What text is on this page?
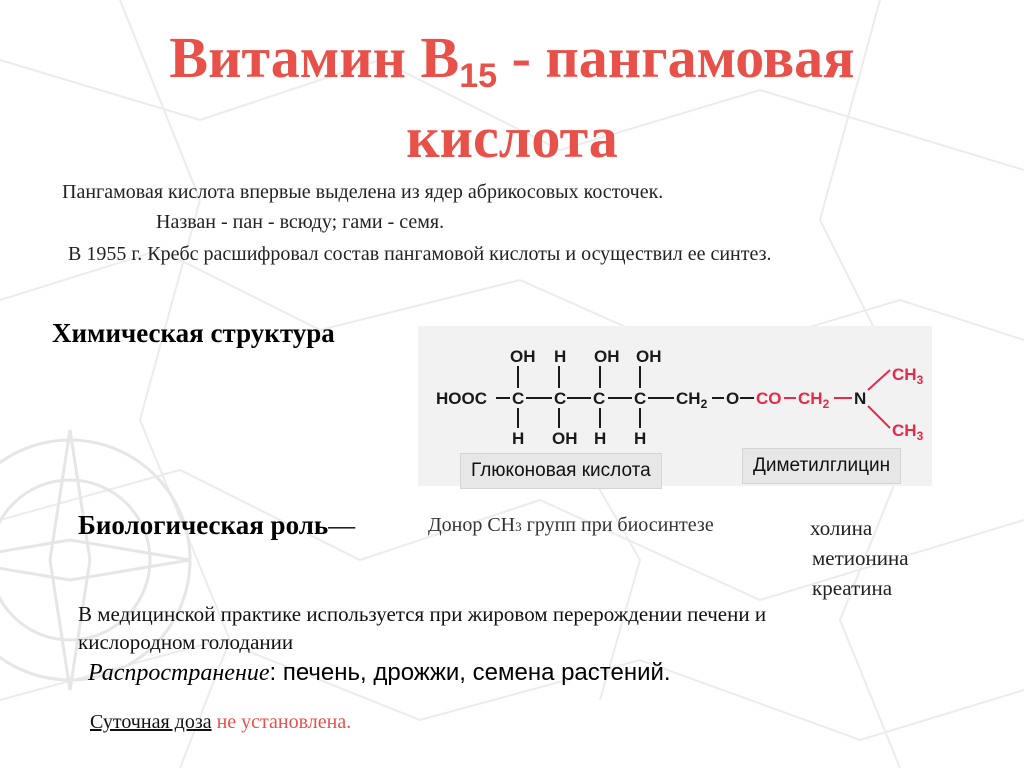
Витамин В15 - пангамовая
кислота
Пангамовая кислота впервые выделена из ядер абрикосовых косточек.
Назван - пан - всюду; гами - семя.
В 1955 г. Кребс расшифровал состав пангамовой кислоты и осуществил ее синтез.
Химическая структура
HOOC C C C C
OH H OH OH
H OH H H
$CH_2$ O CO $CH_2$
$CH_3$
$CH_3$
N
Глюконовая кислота	Диметилглицин
Биологическая роль—	Донор СН3 групп при биосинтезе	холина
метионина
креатина
В медицинской практике используется при жировом перерождении печени и
кислородном голодании
Распространение: печень, дрожжи, семена растений.
Суточная доза не установлена.
